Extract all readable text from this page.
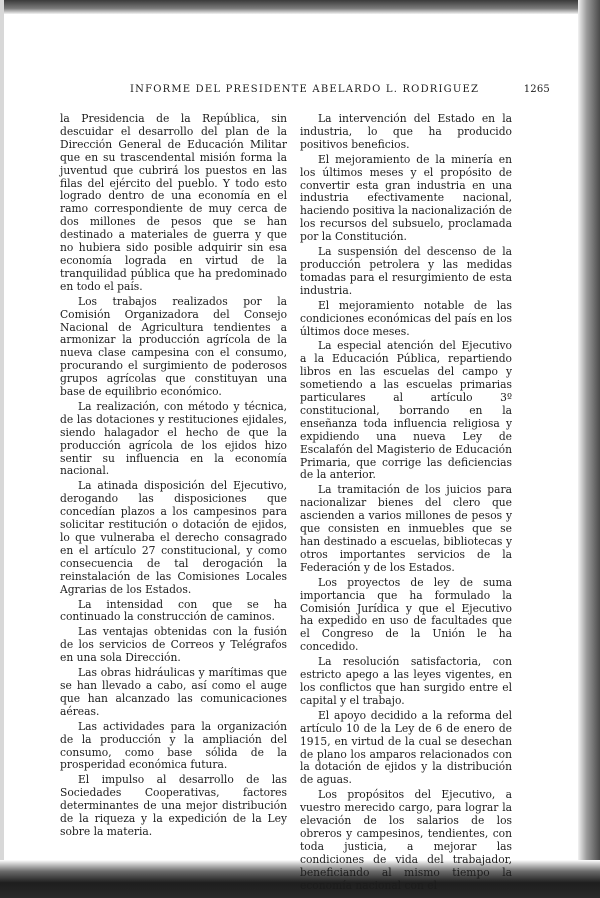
INFORME DEL PRESIDENTE ABELARDO L. RODRIGUEZ	1265

la Presidencia de la República, sin descuidar el desarrollo del plan de la Dirección General de Educación Militar que en su trascendental misión forma la juventud que cubrirá los puestos en las filas del ejército del pueblo. Y todo esto logrado dentro de una economía en el ramo correspondiente de muy cerca de dos millones de pesos que se han destinado a materiales de guerra y que no hubiera sido posible adquirir sin esa economía lograda en virtud de la tranquilidad pública que ha predominado en todo el país.

Los trabajos realizados por la Comisión Organizadora del Consejo Nacional de Agricultura tendientes a armonizar la producción agrícola de la nueva clase campesina con el consumo, procurando el surgimiento de poderosos grupos agrícolas que constituyan una base de equilibrio económico.

La realización, con método y técnica, de las dotaciones y restituciones ejidales, siendo halagador el hecho de que la producción agrícola de los ejidos hizo sentir su influencia en la economía nacional.

La atinada disposición del Ejecutivo, derogando las disposiciones que concedían plazos a los campesinos para solicitar restitución o dotación de ejidos, lo que vulneraba el derecho consagrado en el artículo 27 constitucional, y como consecuencia de tal derogación la reinstalación de las Comisiones Locales Agrarias de los Estados.

La intensidad con que se ha continuado la construcción de caminos.

Las ventajas obtenidas con la fusión de los servicios de Correos y Telégrafos en una sola Dirección.

Las obras hidráulicas y marítimas que se han llevado a cabo, así como el auge que han alcanzado las comunicaciones aéreas.

Las actividades para la organización de la producción y la ampliación del consumo, como base sólida de la prosperidad económica futura.

El impulso al desarrollo de las Sociedades Cooperativas, factores determinantes de una mejor distribución de la riqueza y la expedición de la Ley sobre la materia.

La intervención del Estado en la industria, lo que ha producido positivos beneficios.

El mejoramiento de la minería en los últimos meses y el propósito de convertir esta gran industria en una industria efectivamente nacional, haciendo positiva la nacionalización de los recursos del subsuelo, proclamada por la Constitución.

La suspensión del descenso de la producción petrolera y las medidas tomadas para el resurgimiento de esta industria.

El mejoramiento notable de las condiciones económicas del país en los últimos doce meses.

La especial atención del Ejecutivo a la Educación Pública, repartiendo libros en las escuelas del campo y sometiendo a las escuelas primarias particulares al artículo 3º constitucional, borrando en la enseñanza toda influencia religiosa y expidiendo una nueva Ley de Escalafón del Magisterio de Educación Primaria, que corrige las deficiencias de la anterior.

La tramitación de los juicios para nacionalizar bienes del clero que ascienden a varios millones de pesos y que consisten en inmuebles que se han destinado a escuelas, bibliotecas y otros importantes servicios de la Federación y de los Estados.

Los proyectos de ley de suma importancia que ha formulado la Comisión Jurídica y que el Ejecutivo ha expedido en uso de facultades que el Congreso de la Unión le ha concedido.

La resolución satisfactoria, con estricto apego a las leyes vigentes, en los conflictos que han surgido entre el capital y el trabajo.

El apoyo decidido a la reforma del artículo 10 de la Ley de 6 de enero de 1915, en virtud de la cual se desechan de plano los amparos relacionados con la dotación de ejidos y la distribución de aguas.

Los propósitos del Ejecutivo, a vuestro merecido cargo, para lograr la elevación de los salarios de los obreros y campesinos, tendientes, con toda justicia, a mejorar las condiciones de vida del trabajador, beneficiando al mismo tiempo la economía nacional con el
